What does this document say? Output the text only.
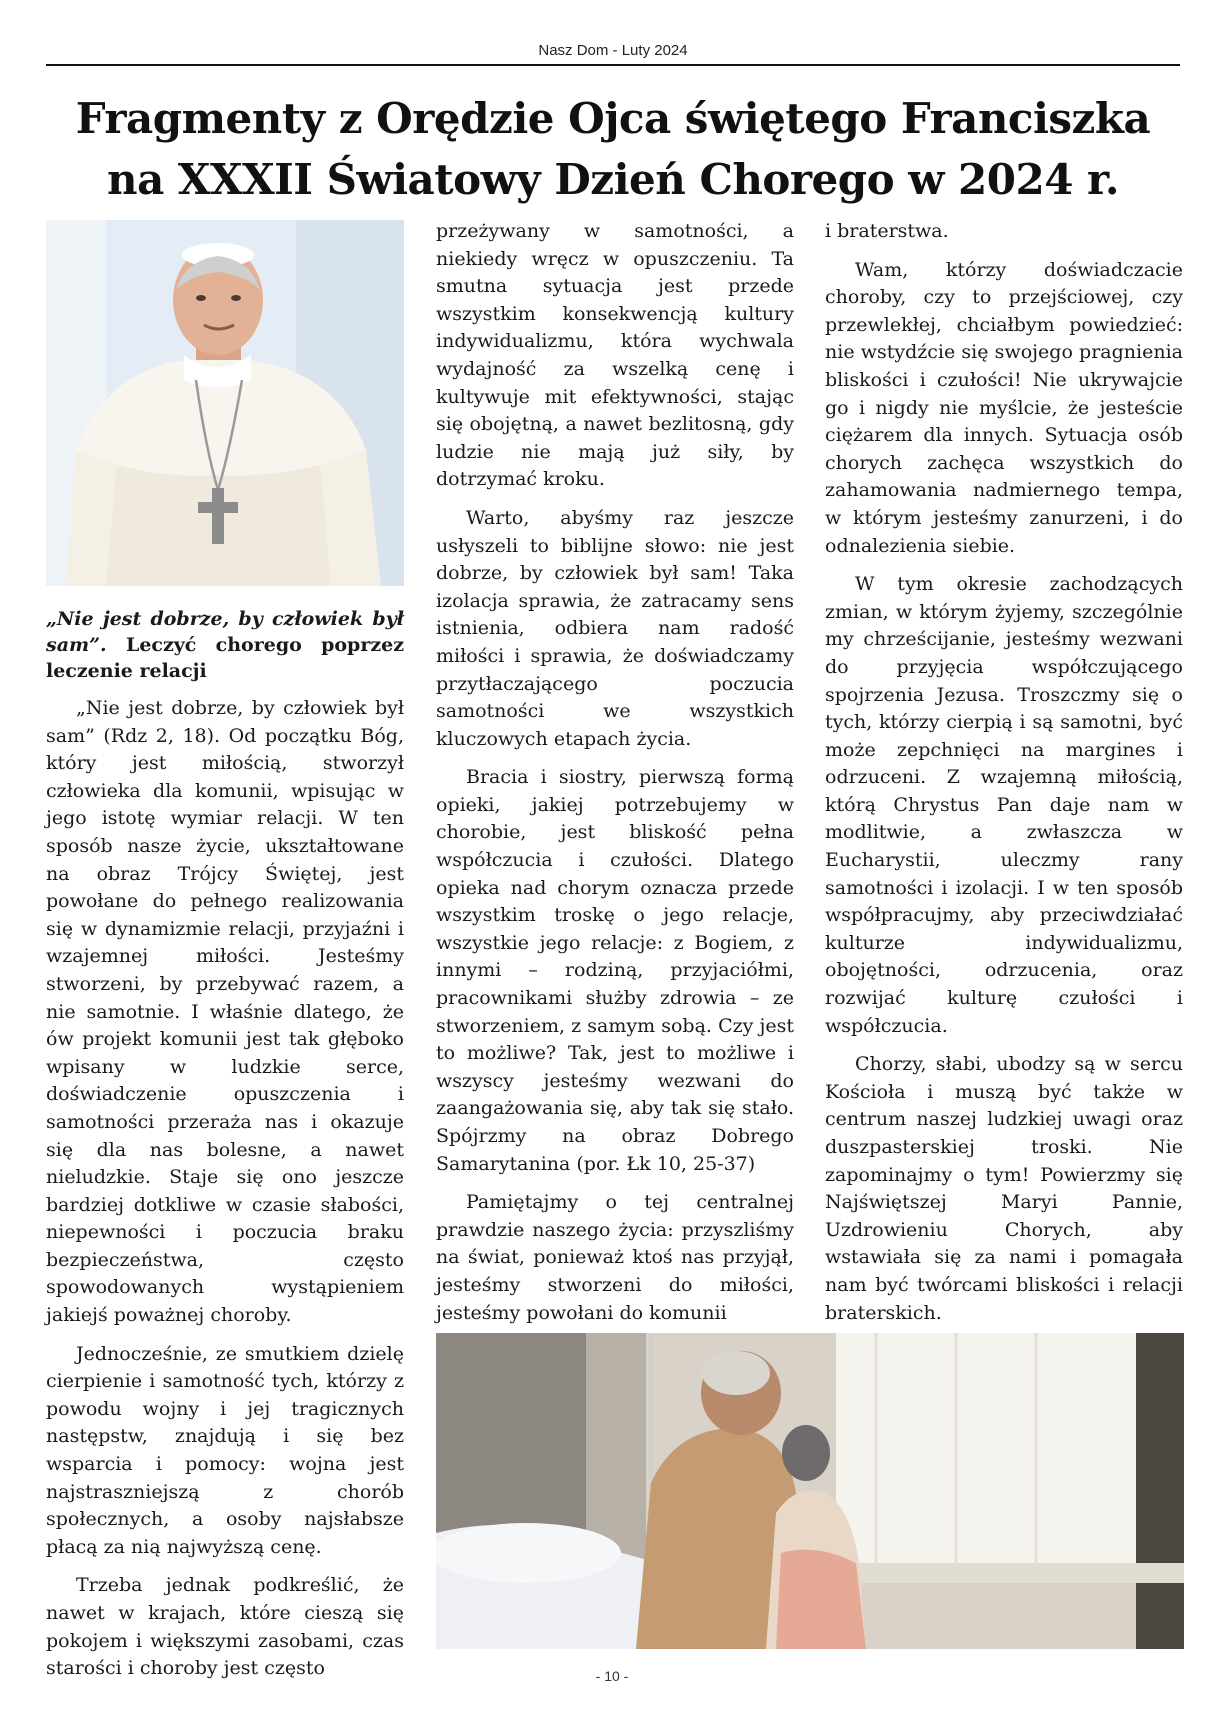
Nasz Dom - Luty 2024
Fragmenty z Orędzie Ojca świętego Franciszka
na XXXII Światowy Dzień Chorego w 2024 r.

„Nie jest dobrze, by człowiek był sam”. Leczyć chorego poprzez leczenie relacji

„Nie jest dobrze, by człowiek był sam” (Rdz 2, 18). Od początku Bóg, który jest miłością, stworzył człowieka dla komunii, wpisując w jego istotę wymiar relacji. W ten sposób nasze życie, ukształtowane na obraz Trójcy Świętej, jest powołane do pełnego realizowania się w dynamizmie relacji, przyjaźni i wzajemnej miłości. Jesteśmy stworzeni, by przebywać razem, a nie samotnie. I właśnie dlatego, że ów projekt komunii jest tak głęboko wpisany w ludzkie serce, doświadczenie opuszczenia i samotności przeraża nas i okazuje się dla nas bolesne, a nawet nieludzkie. Staje się ono jeszcze bardziej dotkliwe w czasie słabości, niepewności i poczucia braku bezpieczeństwa, często spowodowanych wystąpieniem jakiejś poważnej choroby.

Jednocześnie, ze smutkiem dzielę cierpienie i samotność tych, którzy z powodu wojny i jej tragicznych następstw, znajdują i się bez wsparcia i pomocy: wojna jest najstraszniejszą z chorób społecznych, a osoby najsłabsze płacą za nią najwyższą cenę.

Trzeba jednak podkreślić, że nawet w krajach, które cieszą się pokojem i większymi zasobami, czas starości i choroby jest często

przeżywany w samotności, a niekiedy wręcz w opuszczeniu. Ta smutna sytuacja jest przede wszystkim konsekwencją kultury indywidualizmu, która wychwala wydajność za wszelką cenę i kultywuje mit efektywności, stając się obojętną, a nawet bezlitosną, gdy ludzie nie mają już siły, by dotrzymać kroku.

Warto, abyśmy raz jeszcze usłyszeli to biblijne słowo: nie jest dobrze, by człowiek był sam! Taka izolacja sprawia, że zatracamy sens istnienia, odbiera nam radość miłości i sprawia, że doświadczamy przytłaczającego poczucia samotności we wszystkich kluczowych etapach życia.

Bracia i siostry, pierwszą formą opieki, jakiej potrzebujemy w chorobie, jest bliskość pełna współczucia i czułości. Dlatego opieka nad chorym oznacza przede wszystkim troskę o jego relacje, wszystkie jego relacje: z Bogiem, z innymi – rodziną, przyjaciółmi, pracownikami służby zdrowia – ze stworzeniem, z samym sobą. Czy jest to możliwe? Tak, jest to możliwe i wszyscy jesteśmy wezwani do zaangażowania się, aby tak się stało. Spójrzmy na obraz Dobrego Samarytanina (por. Łk 10, 25-37)

Pamiętajmy o tej centralnej prawdzie naszego życia: przyszliśmy na świat, ponieważ ktoś nas przyjął, jesteśmy stworzeni do miłości, jesteśmy powołani do komunii

i braterstwa.

Wam, którzy doświadczacie choroby, czy to przejściowej, czy przewlekłej, chciałbym powiedzieć: nie wstydźcie się swojego pragnienia bliskości i czułości! Nie ukrywajcie go i nigdy nie myślcie, że jesteście ciężarem dla innych. Sytuacja osób chorych zachęca wszystkich do zahamowania nadmiernego tempa, w którym jesteśmy zanurzeni, i do odnalezienia siebie.

W tym okresie zachodzących zmian, w którym żyjemy, szczególnie my chrześcijanie, jesteśmy wezwani do przyjęcia współczującego spojrzenia Jezusa. Troszczmy się o tych, którzy cierpią i są samotni, być może zepchnięci na margines i odrzuceni. Z wzajemną miłością, którą Chrystus Pan daje nam w modlitwie, a zwłaszcza w Eucharystii, uleczmy rany samotności i izolacji. I w ten sposób współpracujmy, aby przeciwdziałać kulturze indywidualizmu, obojętności, odrzucenia, oraz rozwijać kulturę czułości i współczucia.

Chorzy, słabi, ubodzy są w sercu Kościoła i muszą być także w centrum naszej ludzkiej uwagi oraz duszpasterskiej troski. Nie zapominajmy o tym! Powierzmy się Najświętszej Maryi Pannie, Uzdrowieniu Chorych, aby wstawiała się za nami i pomagała nam być twórcami bliskości i relacji braterskich.

- 10 -
